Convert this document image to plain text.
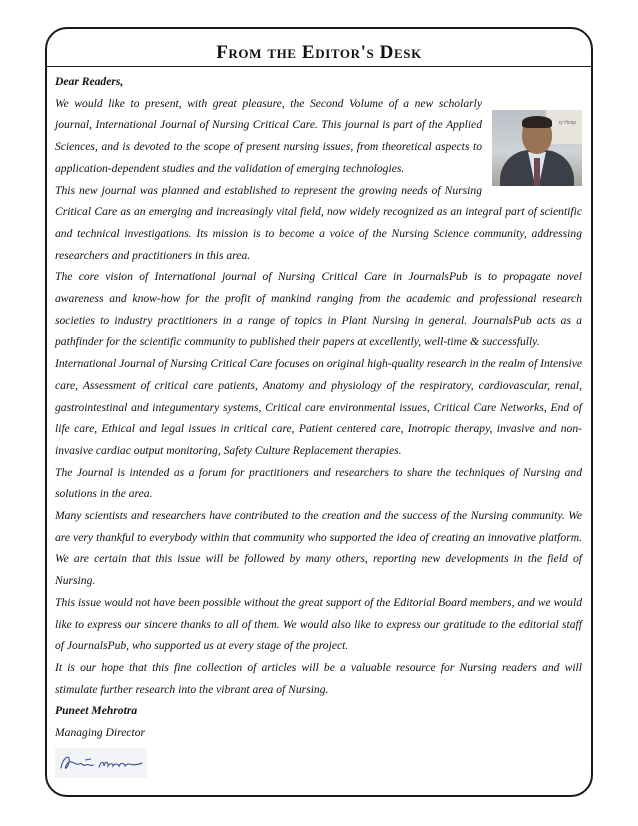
From the Editor's Desk

Dear Readers,

ry Hosp

We would like to present, with great pleasure, the Second Volume of a new scholarly journal, International Journal of Nursing Critical Care. This journal is part of the Applied Sciences, and is devoted to the scope of present nursing issues, from theoretical aspects to application-dependent studies and the validation of emerging technologies.

This new journal was planned and established to represent the growing needs of Nursing Critical Care as an emerging and increasingly vital field, now widely recognized as an integral part of scientific and technical investigations. Its mission is to become a voice of the Nursing Science community, addressing researchers and practitioners in this area.

The core vision of International journal of Nursing Critical Care in JournalsPub is to propagate novel awareness and know-how for the profit of mankind ranging from the academic and professional research societies to industry practitioners in a range of topics in Plant Nursing in general. JournalsPub acts as a pathfinder for the scientific community to published their papers at excellently, well-time & successfully.

International Journal of Nursing Critical Care focuses on original high-quality research in the realm of Intensive care, Assessment of critical care patients, Anatomy and physiology of the respiratory, cardiovascular, renal, gastrointestinal and integumentary systems, Critical care environmental issues, Critical Care Networks, End of life care, Ethical and legal issues in critical care, Patient centered care, Inotropic therapy, invasive and non-invasive cardiac output monitoring, Safety Culture Replacement therapies.

The Journal is intended as a forum for practitioners and researchers to share the techniques of Nursing and solutions in the area.

Many scientists and researchers have contributed to the creation and the success of the Nursing community. We are very thankful to everybody within that community who supported the idea of creating an innovative platform. We are certain that this issue will be followed by many others, reporting new developments in the field of Nursing.

This issue would not have been possible without the great support of the Editorial Board members, and we would like to express our sincere thanks to all of them. We would also like to express our gratitude to the editorial staff of JournalsPub, who supported us at every stage of the project.

It is our hope that this fine collection of articles will be a valuable resource for Nursing readers and will stimulate further research into the vibrant area of Nursing.

Puneet Mehrotra

Managing Director
